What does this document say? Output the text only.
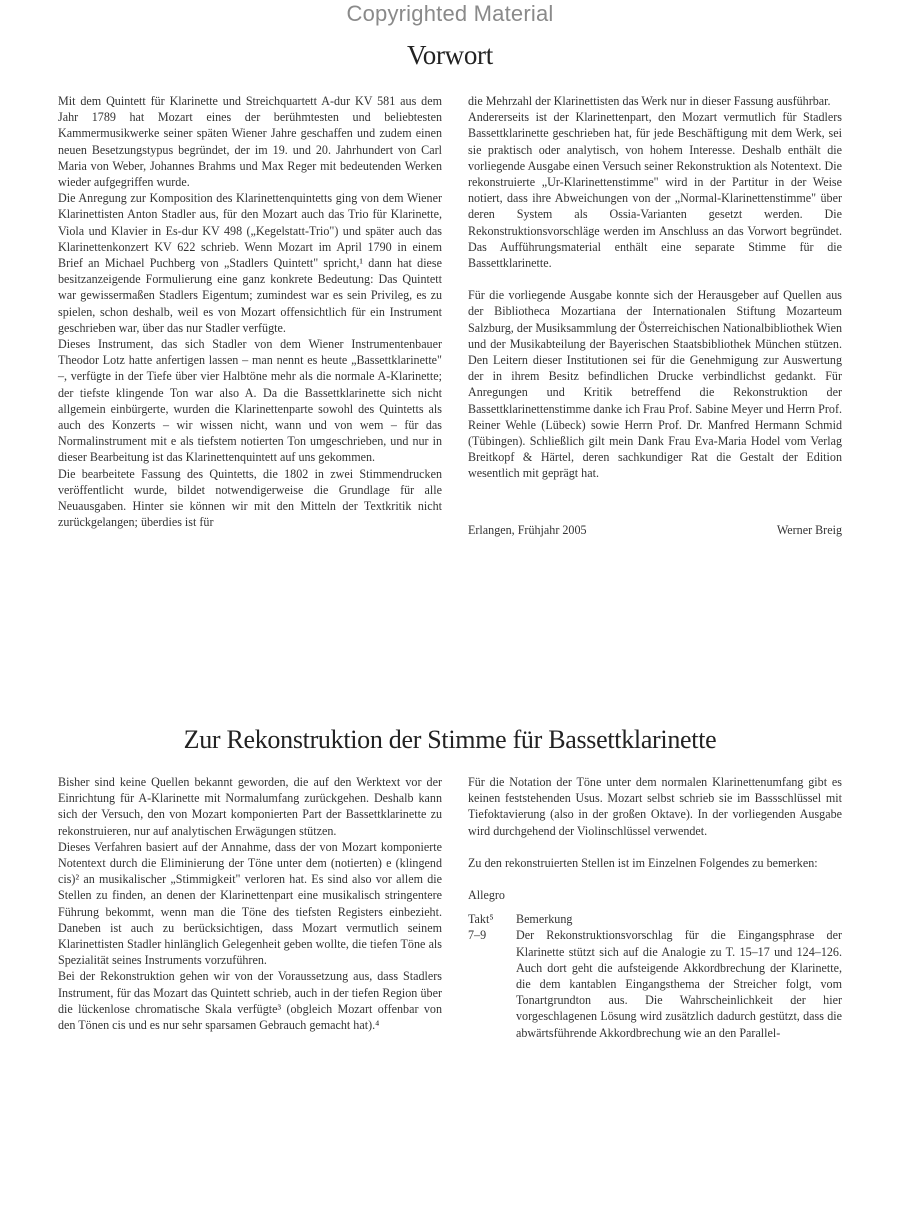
Copyrighted Material
Vorwort

Mit dem Quintett für Klarinette und Streichquartett A-dur KV 581 aus dem Jahr 1789 hat Mozart eines der berühmtesten und beliebtesten Kammermusikwerke seiner späten Wiener Jahre geschaffen und zudem einen neuen Besetzungstypus begründet, der im 19. und 20. Jahrhundert von Carl Maria von Weber, Johannes Brahms und Max Reger mit bedeutenden Werken wieder aufgegriffen wurde.

Die Anregung zur Komposition des Klarinettenquintetts ging von dem Wiener Klarinettisten Anton Stadler aus, für den Mozart auch das Trio für Klarinette, Viola und Klavier in Es-dur KV 498 („Kegelstatt-Trio") und später auch das Klarinettenkonzert KV 622 schrieb. Wenn Mozart im April 1790 in einem Brief an Michael Puchberg von „Stadlers Quintett" spricht,¹ dann hat diese besitzanzeigende Formulierung eine ganz konkrete Bedeutung: Das Quintett war gewissermaßen Stadlers Eigentum; zumindest war es sein Privileg, es zu spielen, schon deshalb, weil es von Mozart offensichtlich für ein Instrument geschrieben war, über das nur Stadler verfügte.

Dieses Instrument, das sich Stadler von dem Wiener Instrumentenbauer Theodor Lotz hatte anfertigen lassen – man nennt es heute „Bassettklarinette" –, verfügte in der Tiefe über vier Halbtöne mehr als die normale A-Klarinette; der tiefste klingende Ton war also A. Da die Bassettklarinette sich nicht allgemein einbürgerte, wurden die Klarinettenparte sowohl des Quintetts als auch des Konzerts – wir wissen nicht, wann und von wem – für das Normalinstrument mit e als tiefstem notierten Ton umgeschrieben, und nur in dieser Bearbeitung ist das Klarinettenquintett auf uns gekommen.

Die bearbeitete Fassung des Quintetts, die 1802 in zwei Stimmendrucken veröffentlicht wurde, bildet notwendigerweise die Grundlage für alle Neuausgaben. Hinter sie können wir mit den Mitteln der Textkritik nicht zurückgelangen; überdies ist für

die Mehrzahl der Klarinettisten das Werk nur in dieser Fassung ausführbar.

Andererseits ist der Klarinettenpart, den Mozart vermutlich für Stadlers Bassettklarinette geschrieben hat, für jede Beschäftigung mit dem Werk, sei sie praktisch oder analytisch, von hohem Interesse. Deshalb enthält die vorliegende Ausgabe einen Versuch seiner Rekonstruktion als Notentext. Die rekonstruierte „Ur-Klarinettenstimme" wird in der Partitur in der Weise notiert, dass ihre Abweichungen von der „Normal-Klarinettenstimme" über deren System als Ossia-Varianten gesetzt werden. Die Rekonstruktionsvorschläge werden im Anschluss an das Vorwort begründet. Das Aufführungsmaterial enthält eine separate Stimme für die Bassettklarinette.

Für die vorliegende Ausgabe konnte sich der Herausgeber auf Quellen aus der Bibliotheca Mozartiana der Internationalen Stiftung Mozarteum Salzburg, der Musiksammlung der Österreichischen Nationalbibliothek Wien und der Musikabteilung der Bayerischen Staatsbibliothek München stützen. Den Leitern dieser Institutionen sei für die Genehmigung zur Auswertung der in ihrem Besitz befindlichen Drucke verbindlichst gedankt. Für Anregungen und Kritik betreffend die Rekonstruktion der Bassettklarinettenstimme danke ich Frau Prof. Sabine Meyer und Herrn Prof. Reiner Wehle (Lübeck) sowie Herrn Prof. Dr. Manfred Hermann Schmid (Tübingen). Schließlich gilt mein Dank Frau Eva-Maria Hodel vom Verlag Breitkopf & Härtel, deren sachkundiger Rat die Gestalt der Edition wesentlich mit geprägt hat.

Erlangen, Frühjahr 2005	Werner Breig
Zur Rekonstruktion der Stimme für Bassettklarinette

Bisher sind keine Quellen bekannt geworden, die auf den Werktext vor der Einrichtung für A-Klarinette mit Normalumfang zurückgehen. Deshalb kann sich der Versuch, den von Mozart komponierten Part der Bassettklarinette zu rekonstruieren, nur auf analytischen Erwägungen stützen.

Dieses Verfahren basiert auf der Annahme, dass der von Mozart komponierte Notentext durch die Eliminierung der Töne unter dem (notierten) e (klingend cis)² an musikalischer „Stimmigkeit" verloren hat. Es sind also vor allem die Stellen zu finden, an denen der Klarinettenpart eine musikalisch stringentere Führung bekommt, wenn man die Töne des tiefsten Registers einbezieht. Daneben ist auch zu berücksichtigen, dass Mozart vermutlich seinem Klarinettisten Stadler hinlänglich Gelegenheit geben wollte, die tiefen Töne als Spezialität seines Instruments vorzuführen.

Bei der Rekonstruktion gehen wir von der Voraussetzung aus, dass Stadlers Instrument, für das Mozart das Quintett schrieb, auch in der tiefen Region über die lückenlose chromatische Skala verfügte³ (obgleich Mozart offenbar von den Tönen cis und es nur sehr sparsamen Gebrauch gemacht hat).⁴

Für die Notation der Töne unter dem normalen Klarinettenumfang gibt es keinen feststehenden Usus. Mozart selbst schrieb sie im Bassschlüssel mit Tiefoktavierung (also in der großen Oktave). In der vorliegenden Ausgabe wird durchgehend der Violinschlüssel verwendet.

Zu den rekonstruierten Stellen ist im Einzelnen Folgendes zu bemerken:

Allegro

Takt⁵	Bemerkung
7–9	Der Rekonstruktionsvorschlag für die Eingangsphrase der Klarinette stützt sich auf die Analogie zu T. 15–17 und 124–126. Auch dort geht die aufsteigende Akkordbrechung der Klarinette, die dem kantablen Eingangsthema der Streicher folgt, vom Tonartgrundton aus. Die Wahrscheinlichkeit der hier vorgeschlagenen Lösung wird zusätzlich dadurch gestützt, dass die abwärtsführende Akkordbrechung wie an den Parallel-
